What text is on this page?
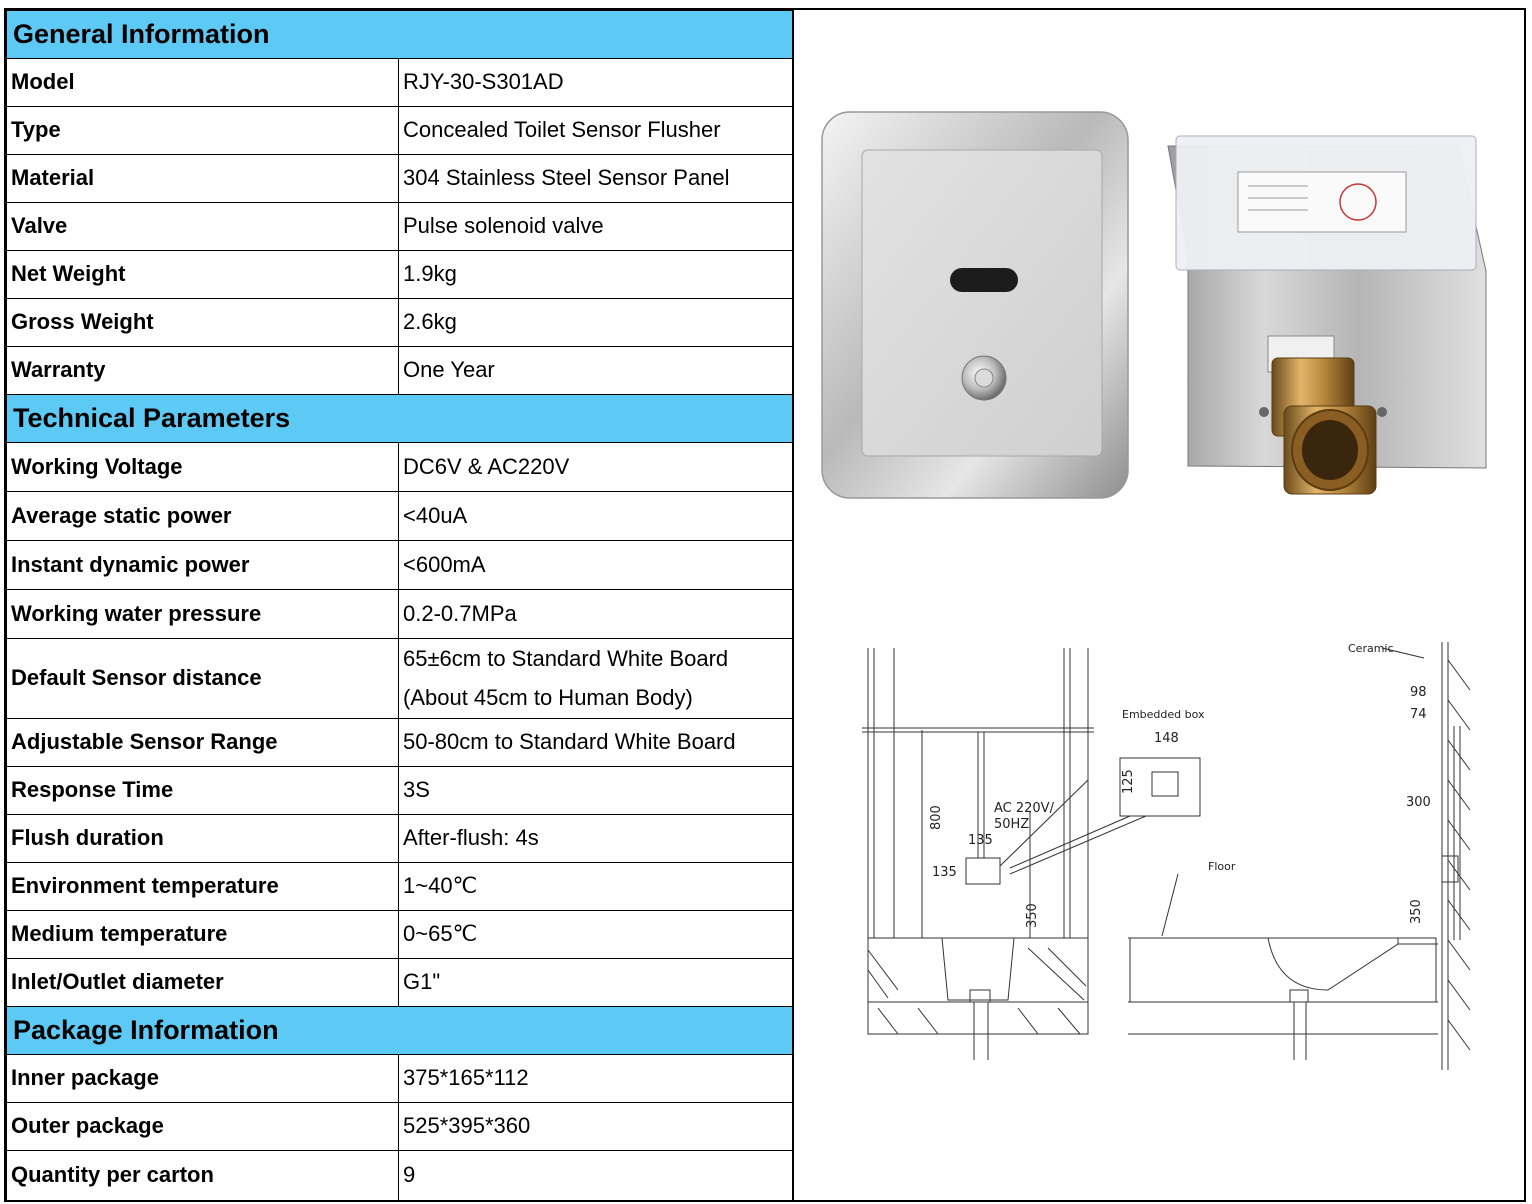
General Information	
Model	RJY-30-S301AD
Type	Concealed Toilet Sensor Flusher
Material	304 Stainless Steel Sensor Panel
Valve	Pulse solenoid valve
Net Weight	1.9kg
Gross Weight	2.6kg
Warranty	One Year
Technical Parameters	
Working Voltage	DC6V & AC220V
Average static power	<40uA
Instant dynamic power	<600mA
Working water pressure	0.2-0.7MPa
Default Sensor distance	65±6cm to Standard White Board
(About 45cm to Human Body)

Adjustable Sensor Range	50-80cm to Standard White Board
Response Time	3S
Flush duration	After-flush: 4s
Environment temperature	1~40℃
Medium temperature	0~65℃
Inlet/Outlet diameter	G1"
Package Information	
Inner package	375*165*112
Outer package	525*395*360
Quantity per carton	9
Embedded box
148
125
AC 220V/
50HZ
800
135
135
350
Ceramic
98
74
300
Floor
350
